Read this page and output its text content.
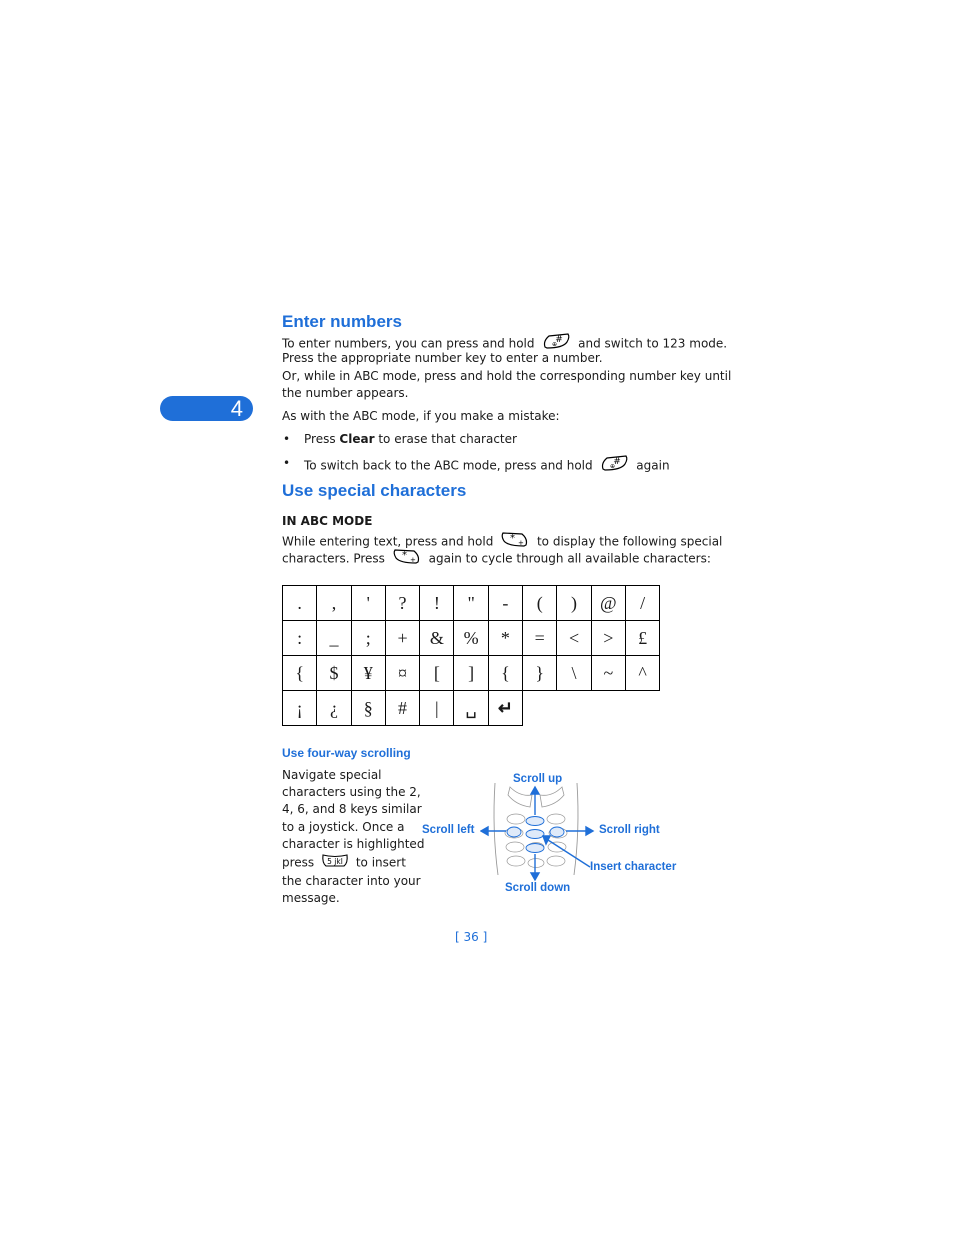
4
Enter numbers
To enter numbers, you can press and hold #
⊕ and switch to 123 mode.
Press the appropriate number key to enter a number.
Or, while in ABC mode, press and hold the corresponding number key until
the number appears.
As with the ABC mode, if you make a mistake:
• Press Clear to erase that character
• To switch back to the ABC mode, press and hold #
⊕ again
Use special characters
IN ABC MODE
While entering text, press and hold * + to display the following special
characters. Press * + again to cycle through all available characters:
.	,	'	?	!	"	-	(	)	@	/
:	_	;	+	&	%	*	=	<	>	£
{	$	¥	¤	[	]	{	}	\	~	^
¡	¿	§	#	|	␣	↵				
Use four-way scrolling
Navigate special
characters using the 2,
4, 6, and 8 keys similar
to a joystick. Once a
character is highlighted
press 5 jkl to insert
the character into your
message.
Scroll up
Scroll left	Scroll right
Insert character
Scroll down
[ 36 ]
